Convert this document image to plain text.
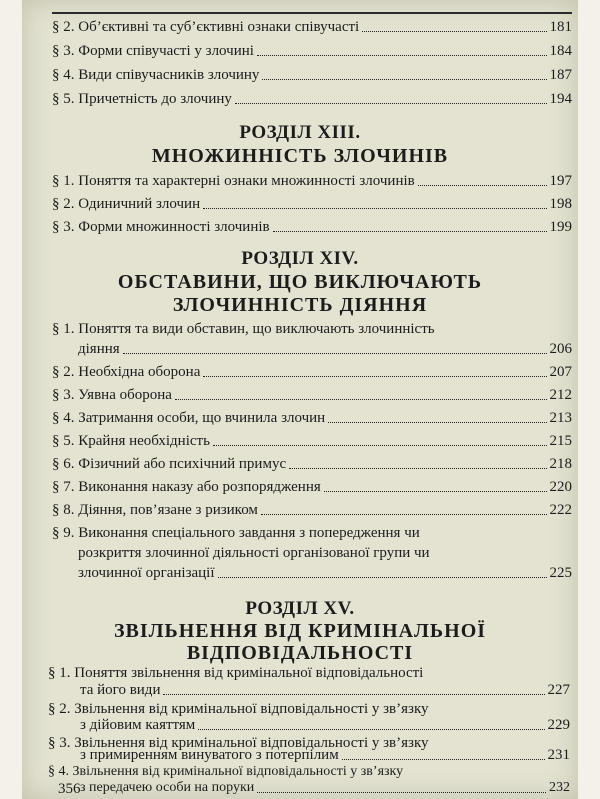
§ 2. Об’єктивні та суб’єктивні ознаки співучасті	181
§ 3. Форми співучасті у злочині	184
§ 4. Види співучасників злочину	187
§ 5. Причетність до злочину	194
РОЗДІЛ XIII.
МНОЖИННІСТЬ ЗЛОЧИНІВ
§ 1. Поняття та характерні ознаки множинності злочинів	197
§ 2. Одиничний злочин	198
§ 3. Форми множинності злочинів	199
РОЗДІЛ XIV.
ОБСТАВИНИ, ЩО ВИКЛЮЧАЮТЬ
ЗЛОЧИННІСТЬ ДІЯННЯ
§ 1. Поняття та види обставин, що виключають злочинність
діяння	206
§ 2. Необхідна оборона	207
§ 3. Уявна оборона	212
§ 4. Затримання особи, що вчинила злочин	213
§ 5. Крайня необхідність	215
§ 6. Фізичний або психічний примус	218
§ 7. Виконання наказу або розпорядження	220
§ 8. Діяння, пов’язане з ризиком	222
§ 9. Виконання спеціального завдання з попередження чи
розкриття злочинної діяльності організованої групи чи
злочинної організації	225
РОЗДІЛ XV.
ЗВІЛЬНЕННЯ ВІД КРИМІНАЛЬНОЇ
ВІДПОВІДАЛЬНОСТІ
§ 1. Поняття звільнення від кримінальної відповідальності
та його види	227
§ 2. Звільнення від кримінальної відповідальності у зв’язку
з дійовим каяттям	229
§ 3. Звільнення від кримінальної відповідальності у зв’язку
з примиренням винуватого з потерпілим	231
§ 4. Звільнення від кримінальної відповідальності у зв’язку
з передачею особи на поруки	232
356
